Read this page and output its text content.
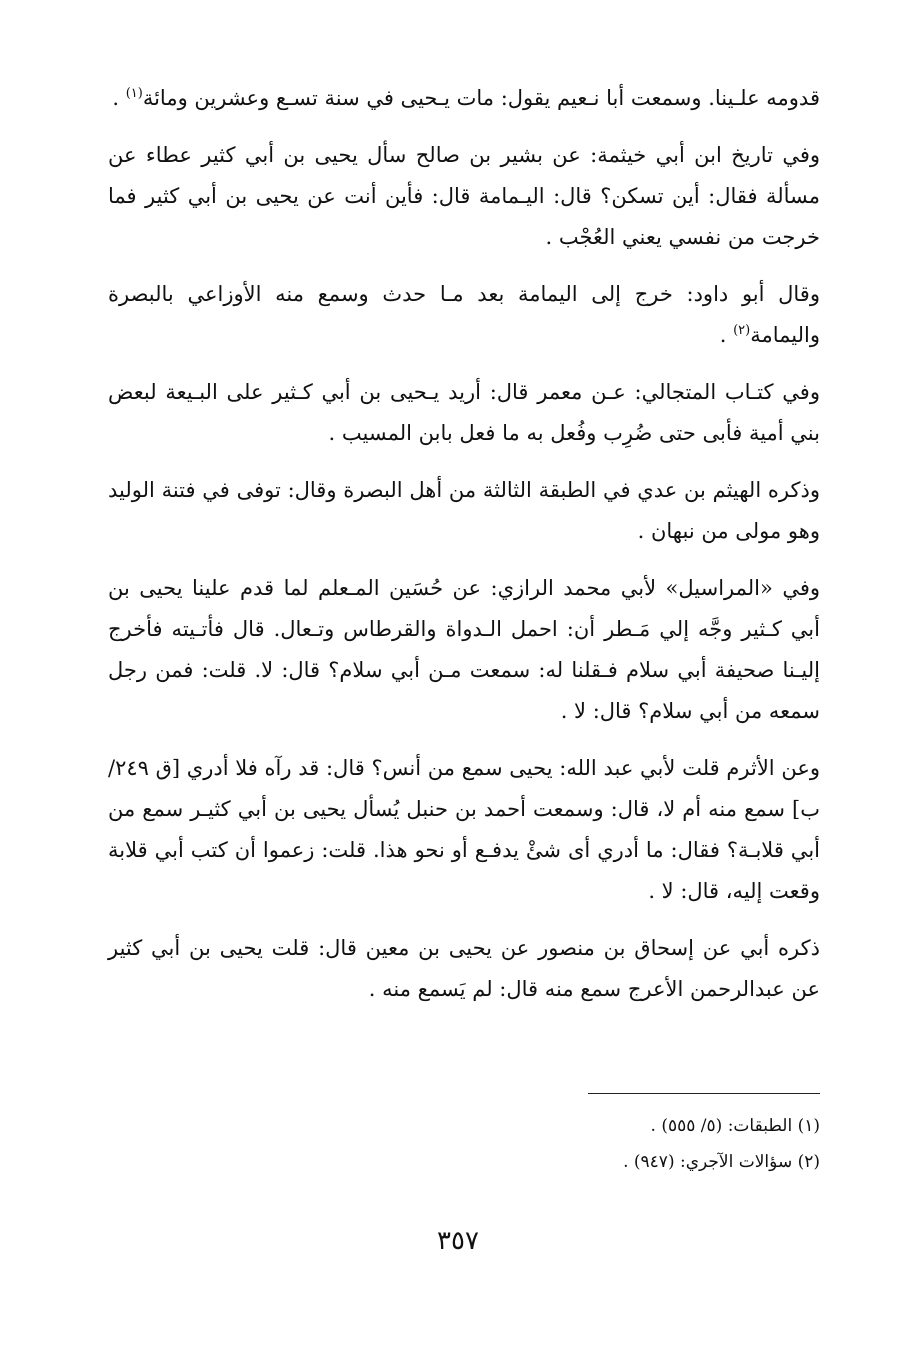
قدومه علـينا. وسمعت أبا نـعيم يقول: مات يـحيى في سنة تسـع وعشرين ومائة$^{(١)}$ .

وفي تاريخ ابن أبي خيثمة: عن بشير بن صالح سأل يحيى بن أبي كثير عطاء عن مسألة فقال: أين تسكن؟ قال: اليـمامة قال: فأين أنت عن يحيى بن أبي كثير فما خرجت من نفسي يعني العُجْب .

وقال أبو داود: خرج إلى اليمامة بعد مـا حدث وسمع منه الأوزاعي بالبصرة واليمامة$^{(٢)}$ .

وفي كتـاب المتجالي: عـن معمر قال: أريد يـحيى بن أبي كـثير على البـيعة لبعض بني أمية فأبى حتى ضُرِب وفُعل به ما فعل بابن المسيب .

وذكره الهيثم بن عدي في الطبقة الثالثة من أهل البصرة وقال: توفى في فتنة الوليد وهو مولى من نبهان .

وفي «المراسيل» لأبي محمد الرازي: عن حُسَين المـعلم لما قدم علينا يحيى بن أبي كـثير وجَّه إلي مَـطر أن: احمل الـدواة والقرطاس وتـعال. قال فأتـيته فأخرج إليـنا صحيفة أبي سلام فـقلنا له: سمعت مـن أبي سلام؟ قال: لا. قلت: فمن رجل سمعه من أبي سلام؟ قال: لا .

وعن الأثرم قلت لأبي عبد الله: يحيى سمع من أنس؟ قال: قد رآه فلا أدري [ق ٢٤٩/ب] سمع منه أم لا، قال: وسمعت أحمد بن حنبل يُسأل يحيى بن أبي كثيـر سمع من أبي قلابـة؟ فقال: ما أدري أى شئْ يدفـع أو نحو هذا. قلت: زعموا أن كتب أبي قلابة وقعت إليه، قال: لا .

ذكره أبي عن إسحاق بن منصور عن يحيى بن معين قال: قلت يحيى بن أبي كثير عن عبدالرحمن الأعرج سمع منه قال: لم يَسمع منه .

(١) الطبقات: (٥/ ٥٥٥) .
(٢) سؤالات الآجري: (٩٤٧) .
٣٥٧
